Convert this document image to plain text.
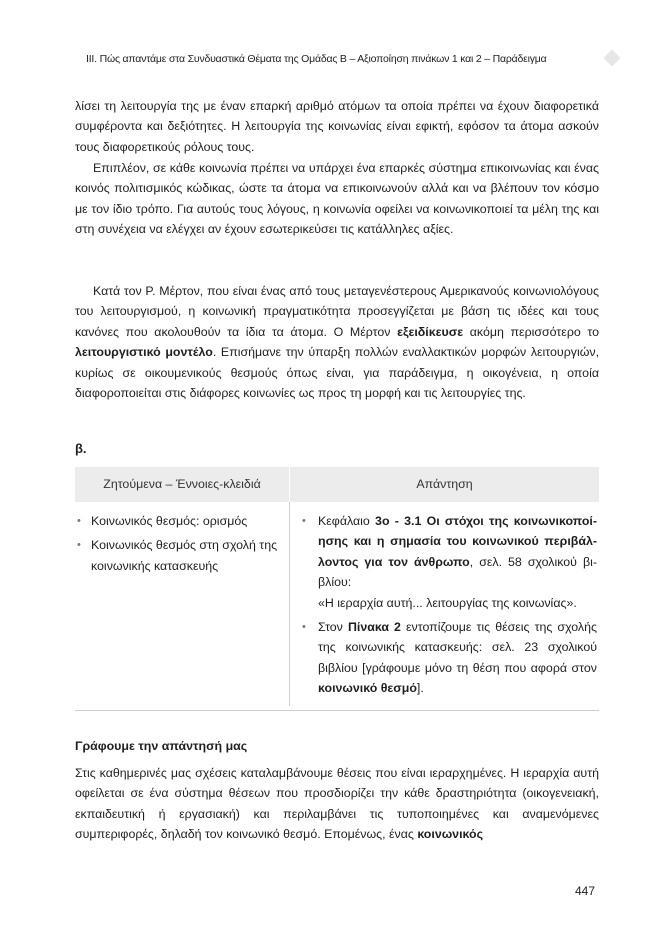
III. Πώς απαντάμε στα Συνδυαστικά Θέματα της Ομάδας Β – Αξιοποίηση πινάκων 1 και 2 – Παράδειγμα

λίσει τη λειτουργία της με έναν επαρκή αριθμό ατόμων τα οποία πρέπει να έχουν διαφορετικά συμφέροντα και δεξιότητες. Η λειτουργία της κοινωνίας είναι εφικτή, εφόσον τα άτομα ασκούν τους διαφορετικούς ρόλους τους.

Επιπλέον, σε κάθε κοινωνία πρέπει να υπάρχει ένα επαρκές σύστημα επικοινωνίας και ένας κοινός πολιτισμικός κώδικας, ώστε τα άτομα να επικοινωνούν αλλά και να βλέπουν τον κόσμο με τον ίδιο τρόπο. Για αυτούς τους λόγους, η κοινωνία οφείλει να κοινωνικοποιεί τα μέλη της και στη συνέχεια να ελέγχει αν έχουν εσωτερικεύσει τις κατάλληλες αξίες.

Κατά τον Ρ. Μέρτον, που είναι ένας από τους μεταγενέστερους Αμερικανούς κοινωνιολόγους του λειτουργισμού, η κοινωνική πραγματικότητα προσεγγίζεται με βάση τις ιδέες και τους κανόνες που ακολουθούν τα ίδια τα άτομα. Ο Μέρτον εξειδίκευσε ακόμη περισσότερο το λειτουργιστικό μοντέλο. Επισήμανε την ύπαρξη πολλών εναλλακτικών μορφών λειτουργιών, κυρίως σε οικουμενικούς θεσμούς όπως είναι, για παράδειγμα, η οικογένεια, η οποία διαφοροποιείται στις διάφορες κοινωνίες ως προς τη μορφή και τις λειτουργίες της.

β.
Ζητούμενα – Έννοιες-κλειδιά	Απάντηση
• Κοινωνικός θεσμός: ορισμός
• Κοινωνικός θεσμός στη σχολή της κοινωνικής κατασκευής
• Κεφάλαιο 3ο - 3.1 Οι στόχοι της κοινωνικοποίησης και η σημασία του κοινωνικού περιβάλλοντος για τον άνθρωπο, σελ. 58 σχολικού βιβλίου:
«Η ιεραρχία αυτή... λειτουργίας της κοινωνίας».
• Στον Πίνακα 2 εντοπίζουμε τις θέσεις της σχολής της κοινωνικής κατασκευής: σελ. 23 σχολικού βιβλίου [γράφουμε μόνο τη θέση που αφορά στον κοινωνικό θεσμό].
Γράφουμε την απάντησή μας

Στις καθημερινές μας σχέσεις καταλαμβάνουμε θέσεις που είναι ιεραρχημένες. Η ιεραρχία αυτή οφείλεται σε ένα σύστημα θέσεων που προσδιορίζει την κάθε δραστηριότητα (οικογενειακή, εκπαιδευτική ή εργασιακή) και περιλαμβάνει τις τυποποιημένες και αναμενόμενες συμπεριφορές, δηλαδή τον κοινωνικό θεσμό. Επομένως, ένας κοινωνικός

447
